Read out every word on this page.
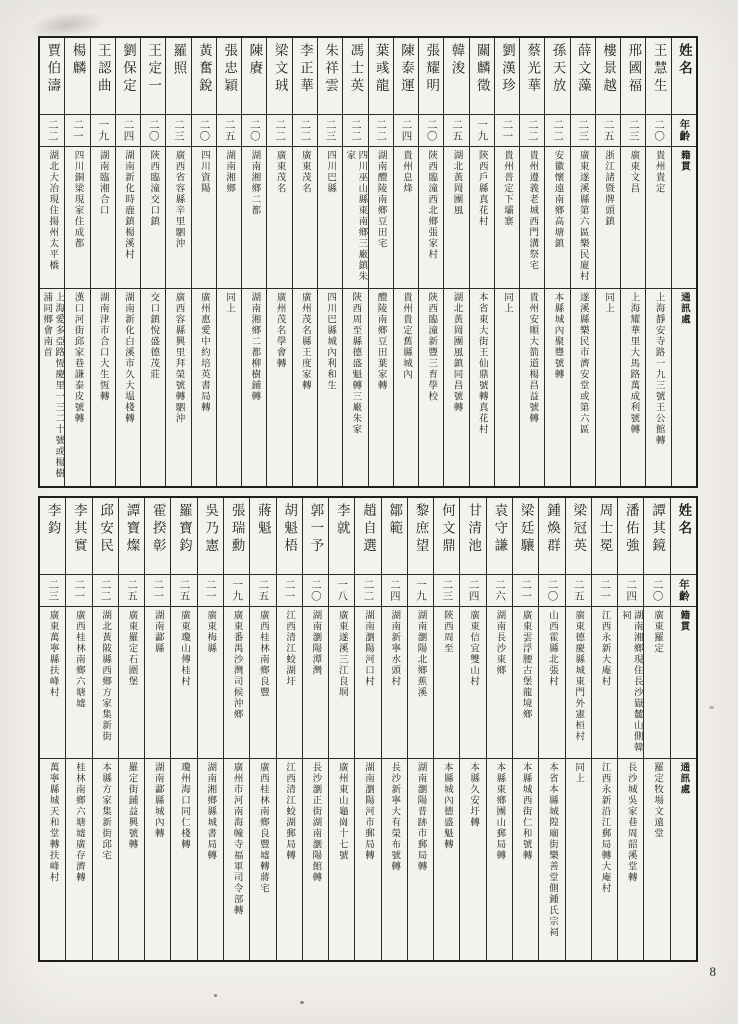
姓名
年齡
籍貫
通訊處
王慧生
二〇
貴州貴定
上海靜安寺路一九三號王公館轉
邢國福
二三
廣東文昌
上海耀華里大馬路萬成利號轉
樓景越
二五
浙江諸暨牌頭鎮
同上
薛文藻
二三
廣東遂溪縣第六區樂民廈村
遂溪縣樂民市濟安堂或第六區
孫天放
二二
安徽懷遠南鄉高塘鎮
本縣城內聚豐號轉
蔡光華
二二
貴州遵義老城西門溝祭宅
貴州安順大箭道楊昌益號轉
劉漢珍
二一
貴州普定下壩寨
同上
關麟徵
一九
陝西戶縣真花村
本省東大街王仙鼎號轉真花村
韓浚
二五
湖北黃岡團風
湖北黃岡團風鎮同昌號轉
張耀明
二〇
陝西臨潼西北鄉張家村
陝西臨潼新豐三育學校
陳泰運
二四
貴州息烽
貴州貴定舊縣城內
葉彧龍
二二
湖南醴陵南鄉豆田宅
醴陵南鄉豆田葉家轉
馮士英
二二
四川巫山縣東南鄉三廠鎮朱家
陝西周至縣德盛魁轉三廠朱家
朱祥雲
二三
四川巴縣
四川巴縣城內利和生
李正華
二二
廣東茂名
廣州茂名縣王度家轉
梁文珬
二二
廣東茂名
廣州茂名學會轉
陳賡
二〇
湖南湘鄉二都
湖南湘鄉二都柳樹鋪轉
張忠穎
二五
湖南湘鄉
同上
黃奮銳
二〇
四川資陽
廣州惠愛中約培英書局轉
羅照
二三
廣西省容縣辛里駟沖
廣西容縣興里拜榮號轉駟沖
王定一
二〇
陝西臨潼交口鎮
交口鎮悅盛德茂莊
劉保定
二四
湖南新化時鹿鎮楊溪村
湖南新化白溪市久大塭棧轉
王認曲
一九
湖南臨湘合口
湖南津市合口大生恆轉
楊麟
二一
四川銅梁現家住成都
漢口河街邱家巷謙泰皮號轉
賈伯濤
二二
湖北大冶現住揚州太平橋
上海愛多亞路恆慶里一三二十號或楊樹浦同鄉會南首
姓名
年齡
籍貫
通訊處
譚其鏡
二〇
廣東羅定
羅定牧場文遠堂
潘佑強
二四
湖南湘鄉現住長沙嶽麓山側韓祠
長沙城吳家巷周韶溪堂轉
周士冕
二一
江西永新大庵村
江西永新沿江郵局轉大庵村
梁冠英
二五
廣東德慶縣城東門外憲桓村
同上
鍾煥群
二〇
山西霍縣北張村
本省本縣城隍廟街樂善堂側鍾氏宗祠
梁廷驤
二一
廣東雲浮腰古堡龍境鄉
本縣城西街仁和號轉
袁守謙
二六
湖南長沙東鄉
本縣東鄉團山郵局轉
甘清池
二四
廣東信宜雙山村
本縣久安圩轉
何文鼎
二三
陝西周至
本縣城內德盛魁轉
黎庶望
一九
湖南瀏陽北鄉蕉溪
湖南瀏陽普跡市郵局轉
鄒範
二四
湖南新寧水頭村
長沙新寧大有榮布號轉
趙自選
二二
湖南瀏陽河口村
湖南瀏陽河市郵局轉
李就
一八
廣東遂溪三江良垌
廣州東山龜崗十七號
郭一予
二〇
湖南瀏陽潭灣
長沙瀏正街湖南瀏陽館轉
胡魁梧
二一
江西清江蛟湖圩
江西清江蛟湖郵局轉
蔣魁
二五
廣西桂林南鄉良豐
廣西桂林南鄉良豐墟轉蔣宅
張瑞勳
一九
廣東番禺沙灣司候沖鄉
廣州市河南海幢寺福軍司令部轉
吳乃憲
二一
廣東梅縣
湖南湘鄉縣城書局轉
羅寶鈞
二五
廣東瓊山傳桂村
瓊州海口同仁棧轉
霍揆彰
二一
湖南酃縣
湖南酃縣城內轉
譚寶燦
二五
廣東羅定石圍堡
羅定街鋪益興號轉
邱安民
二二
湖北黃陂縣西鄉方家集新街
本縣方家集新街邱宅
李其實
二一
廣西桂林南鄉六塘墟
桂林南鄉六塘墟廣存濟轉
李鈞
二三
廣東萬寧縣扶峰村
萬寧縣城天和堂轉扶峰村
8
